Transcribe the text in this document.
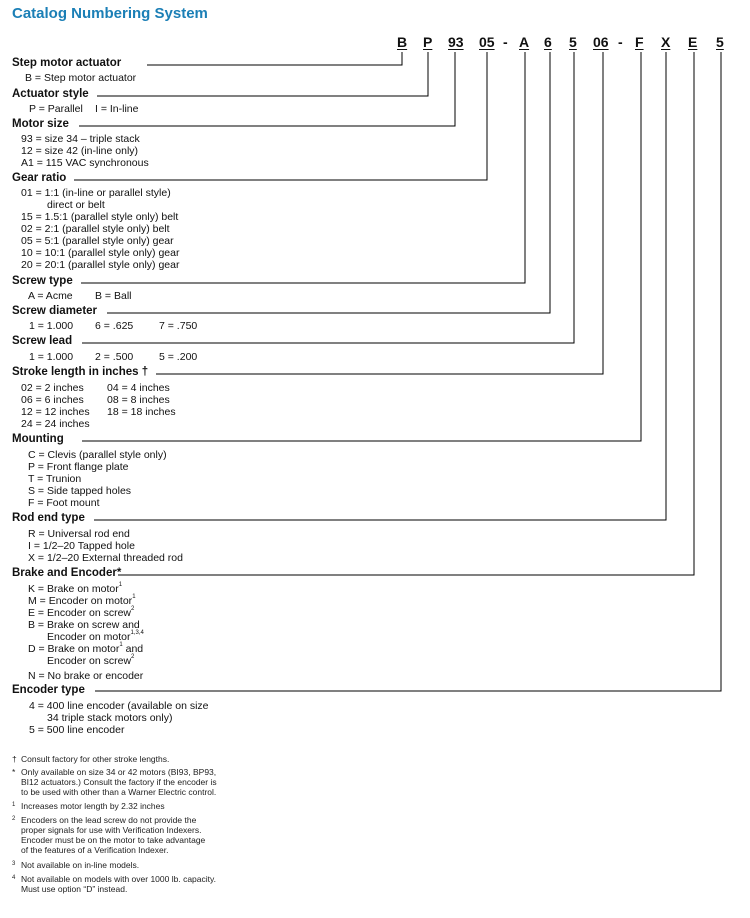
Catalog Numbering System
B P 93 05 - A 6 5 06 - F X E 5
Step motor actuator
B = Step motor actuator
Actuator style
P = Parallel I = In-line
Motor size
93 = size 34 – triple stack
12 = size 42 (in-line only)
A1 = 115 VAC synchronous
Gear ratio
01 = 1:1 (in-line or parallel style)
direct or belt
15 = 1.5:1 (parallel style only) belt
02 = 2:1 (parallel style only) belt
05 = 5:1 (parallel style only) gear
10 = 10:1 (parallel style only) gear
20 = 20:1 (parallel style only) gear
Screw type
A = Acme B = Ball
Screw diameter
1 = 1.000 6 = .625 7 = .750
Screw lead
1 = 1.000 2 = .500 5 = .200
Stroke length in inches †
02 = 2 inches 04 = 4 inches
06 = 6 inches 08 = 8 inches
12 = 12 inches 18 = 18 inches
24 = 24 inches
Mounting
C = Clevis (parallel style only)
P = Front flange plate
T = Trunion
S = Side tapped holes
F = Foot mount
Rod end type
R = Universal rod end
I = 1/2–20 Tapped hole
X = 1/2–20 External threaded rod
Brake and Encoder*
K = Brake on motor$^1$
M = Encoder on motor$^1$
E = Encoder on screw$^2$
B = Brake on screw and
Encoder on motor$^{1,3,4}$
D = Brake on motor$^1$ and
Encoder on screw$^2$
N = No brake or encoder
Encoder type
4 = 400 line encoder (available on size
34 triple stack motors only)
5 = 500 line encoder
† Consult factory for other stroke lengths.
* Only available on size 34 or 42 motors (BI93, BP93,
BI12 actuators.) Consult the factory if the encoder is
to be used with other than a Warner Electric control.
1 Increases motor length by 2.32 inches
2 Encoders on the lead screw do not provide the
proper signals for use with Verification Indexers.
Encoder must be on the motor to take advantage
of the features of a Verification Indexer.
3 Not available on in-line models.
4 Not available on models with over 1000 lb. capacity.
Must use option “D” instead.
